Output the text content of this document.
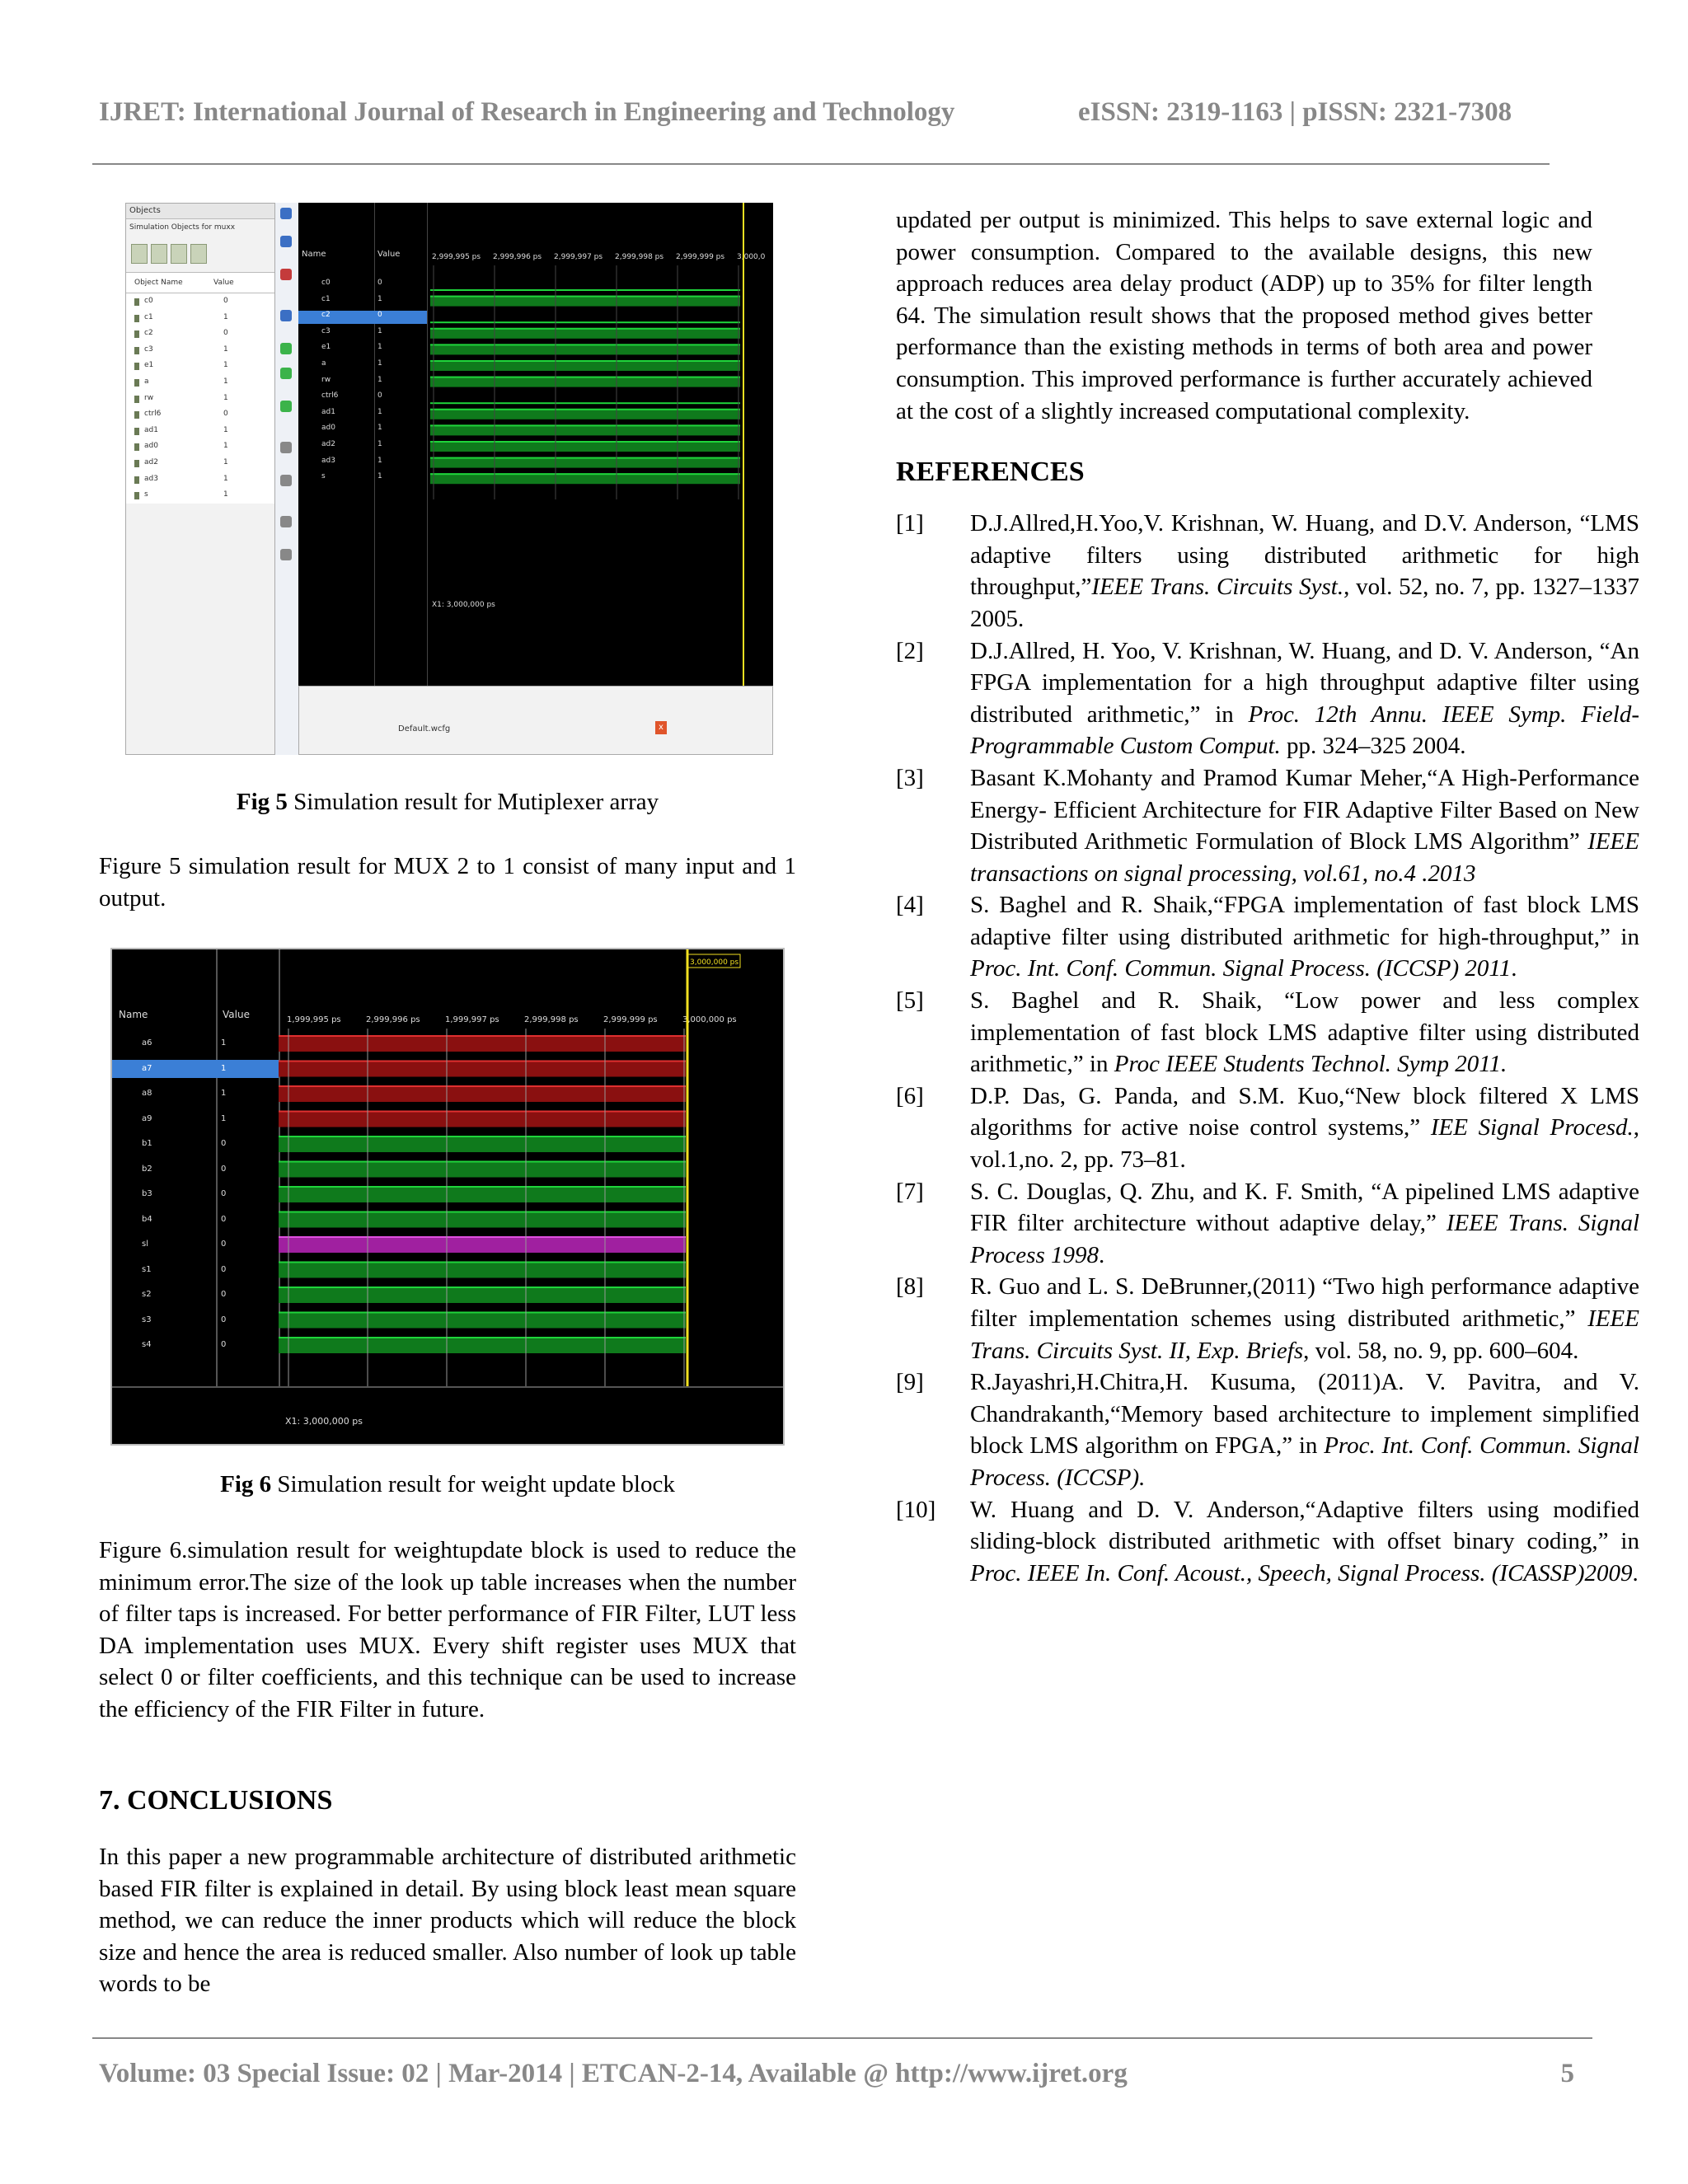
IJRET: International Journal of Research in Engineering and Technology	eISSN: 2319-1163 | pISSN: 2321-7308
Objects
Simulation Objects for muxx
Object Name	Value
c0	0
c1	1
c2	0
c3	1
e1	1
a	1
rw	1
ctrl6	0
ad1	1
ad0	1
ad2	1
ad3	1
s	1
Name	Value
c0	0
c1	1
c2	0
c3	1
e1	1
a	1
rw	1
ctrl6	0
ad1	1
ad0	1
ad2	1
ad3	1
s	1
2,999,995 ps 2,999,996 ps 2,999,997 ps 2,999,998 ps 2,999,999 ps 3,000,0
X1: 3,000,000 ps
Default.wcfg	x

Fig 5 Simulation result for Mutiplexer array

Figure 5 simulation result for MUX 2 to 1 consist of many input and 1 output.

Fig 6 Simulation result for weight update block

Figure 6.simulation result for weightupdate block is used to reduce the minimum error.The size of the look up table increases when the number of filter taps is increased. For better performance of FIR Filter, LUT less DA implementation uses MUX. Every shift register uses MUX that select 0 or filter coefficients, and this technique can be used to increase the efficiency of the FIR Filter in future.

7. CONCLUSIONS

In this paper a new programmable architecture of distributed arithmetic based FIR filter is explained in detail. By using block least mean square method, we can reduce the inner products which will reduce the block size and hence the area is reduced smaller. Also number of look up table words to be

Name	Value
a6	1
a7	1
a8	1
a9	1
b1	0
b2	0
b3	0
b4	0
sl	0
s1	0
s2	0
s3	0
s4	0
1,999,995 ps	2,999,996 ps	1,999,997 ps	2,999,998 ps	2,999,999 ps	3,000,000 ps
3,000,000 ps
X1: 3,000,000 ps

updated per output is minimized. This helps to save external logic and power consumption. Compared to the available designs, this new approach reduces area delay product (ADP) up to 35% for filter length 64. The simulation result shows that the proposed method gives better performance than the existing methods in terms of both area and power consumption. This improved performance is further accurately achieved at the cost of a slightly increased computational complexity.

REFERENCES
[1] D.J.Allred,H.Yoo,V. Krishnan, W. Huang, and D.V. Anderson, “LMS adaptive filters using distributed arithmetic for high throughput,”IEEE Trans. Circuits Syst., vol. 52, no. 7, pp. 1327–1337 2005.
[2] D.J.Allred, H. Yoo, V. Krishnan, W. Huang, and D. V. Anderson, “An FPGA implementation for a high throughput adaptive filter using distributed arithmetic,” in Proc. 12th Annu. IEEE Symp. Field-Programmable Custom Comput. pp. 324–325 2004.
[3] Basant K.Mohanty and Pramod Kumar Meher,“A High-Performance Energy- Efficient Architecture for FIR Adaptive Filter Based on New Distributed Arithmetic Formulation of Block LMS Algorithm” IEEE transactions on signal processing, vol.61, no.4 .2013
[4] S. Baghel and R. Shaik,“FPGA implementation of fast block LMS adaptive filter using distributed arithmetic for high-throughput,” in Proc. Int. Conf. Commun. Signal Process. (ICCSP) 2011.
[5] S. Baghel and R. Shaik, “Low power and less complex implementation of fast block LMS adaptive filter using distributed arithmetic,” in Proc IEEE Students Technol. Symp 2011.
[6] D.P. Das, G. Panda, and S.M. Kuo,“New block filtered X LMS algorithms for active noise control systems,” IEE Signal Procesd., vol.1,no. 2, pp. 73–81.
[7] S. C. Douglas, Q. Zhu, and K. F. Smith, “A pipelined LMS adaptive FIR filter architecture without adaptive delay,” IEEE Trans. Signal Process 1998.
[8] R. Guo and L. S. DeBrunner,(2011) “Two high performance adaptive filter implementation schemes using distributed arithmetic,” IEEE Trans. Circuits Syst. II, Exp. Briefs, vol. 58, no. 9, pp. 600–604.
[9] R.Jayashri,H.Chitra,H. Kusuma, (2011)A. V. Pavitra, and V. Chandrakanth,“Memory based architecture to implement simplified block LMS algorithm on FPGA,” in Proc. Int. Conf. Commun. Signal Process. (ICCSP).
[10] W. Huang and D. V. Anderson,“Adaptive filters using modified sliding-block distributed arithmetic with offset binary coding,” in Proc. IEEE In. Conf. Acoust., Speech, Signal Process. (ICASSP)2009.
Volume: 03 Special Issue: 02 | Mar-2014 | ETCAN-2-14, Available @ http://www.ijret.org	5
